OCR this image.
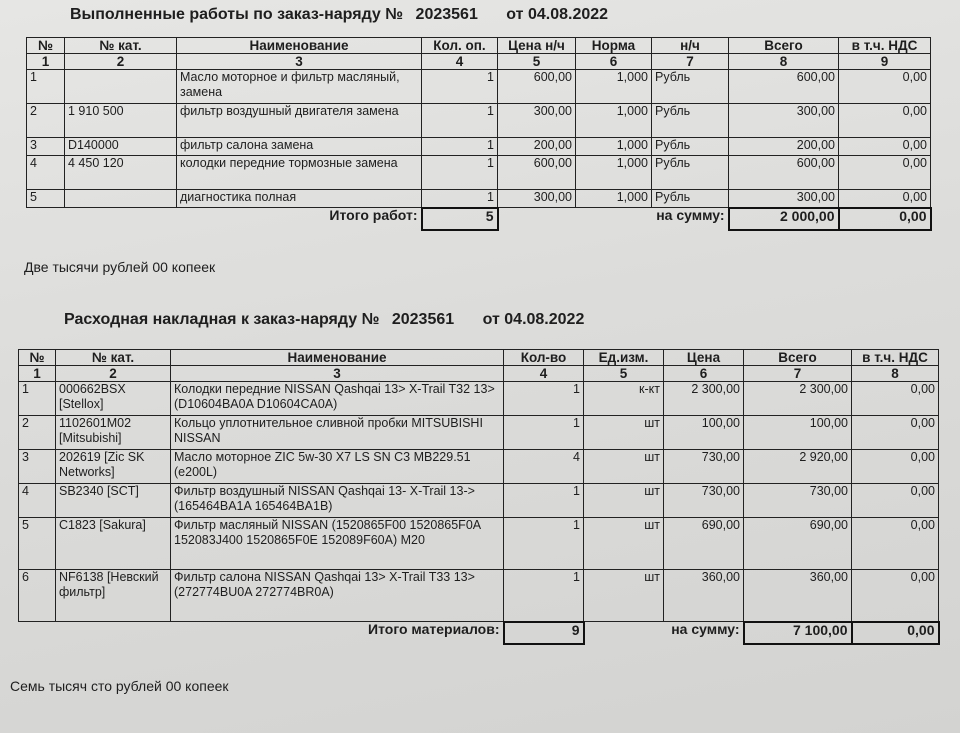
Выполненные работы по заказ-наряду № 2023561 от 04.08.2022
№	№ кат.	Наименование	Кол. оп.	Цена н/ч	Норма	н/ч	Всего	в т.ч. НДС
1	2	3	4	5	6	7	8	9
1		Масло моторное и фильтр масляный, замена	1	600,00	1,000	Рубль	600,00	0,00
2	1 910 500	фильтр воздушный двигателя замена	1	300,00	1,000	Рубль	300,00	0,00
3	D140000	фильтр салона замена	1	200,00	1,000	Рубль	200,00	0,00
4	4 450 120	колодки передние тормозные замена	1	600,00	1,000	Рубль	600,00	0,00
5		диагностика полная	1	300,00	1,000	Рубль	300,00	0,00
		Итого работ:	5		на сумму:		2 000,00	0,00
Две тысячи рублей 00 копеек
Расходная накладная к заказ-наряду № 2023561 от 04.08.2022
№	№ кат.	Наименование	Кол-во	Ед.изм.	Цена	Всего	в т.ч. НДС
1	2	3	4	5	6	7	8
1	000662BSX [Stellox]	Колодки передние NISSAN Qashqai 13> X-Trail T32 13> (D10604BA0A D10604CA0A)	1	к-кт	2 300,00	2 300,00	0,00
2	1102601M02 [Mitsubishi]	Кольцо уплотнительное сливной пробки MITSUBISHI NISSAN	1	шт	100,00	100,00	0,00
3	202619 [Zic SK Networks]	Масло моторное ZIC 5w-30 X7 LS SN C3 MB229.51 (e200L)	4	шт	730,00	2 920,00	0,00
4	SB2340 [SCT]	Фильтр воздушный NISSAN Qashqai 13- X-Trail 13-> (165464BA1A 165464BA1B)	1	шт	730,00	730,00	0,00
5	C1823 [Sakura]	Фильтр масляный NISSAN (1520865F00 1520865F0A 152083J400 1520865F0E 152089F60A) M20	1	шт	690,00	690,00	0,00
6	NF6138 [Невский фильтр]	Фильтр салона NISSAN Qashqai 13> X-Trail T33 13> (272774BU0A 272774BR0A)	1	шт	360,00	360,00	0,00
		Итого материалов:	9	на сумму:		7 100,00	0,00
Семь тысяч сто рублей 00 копеек
